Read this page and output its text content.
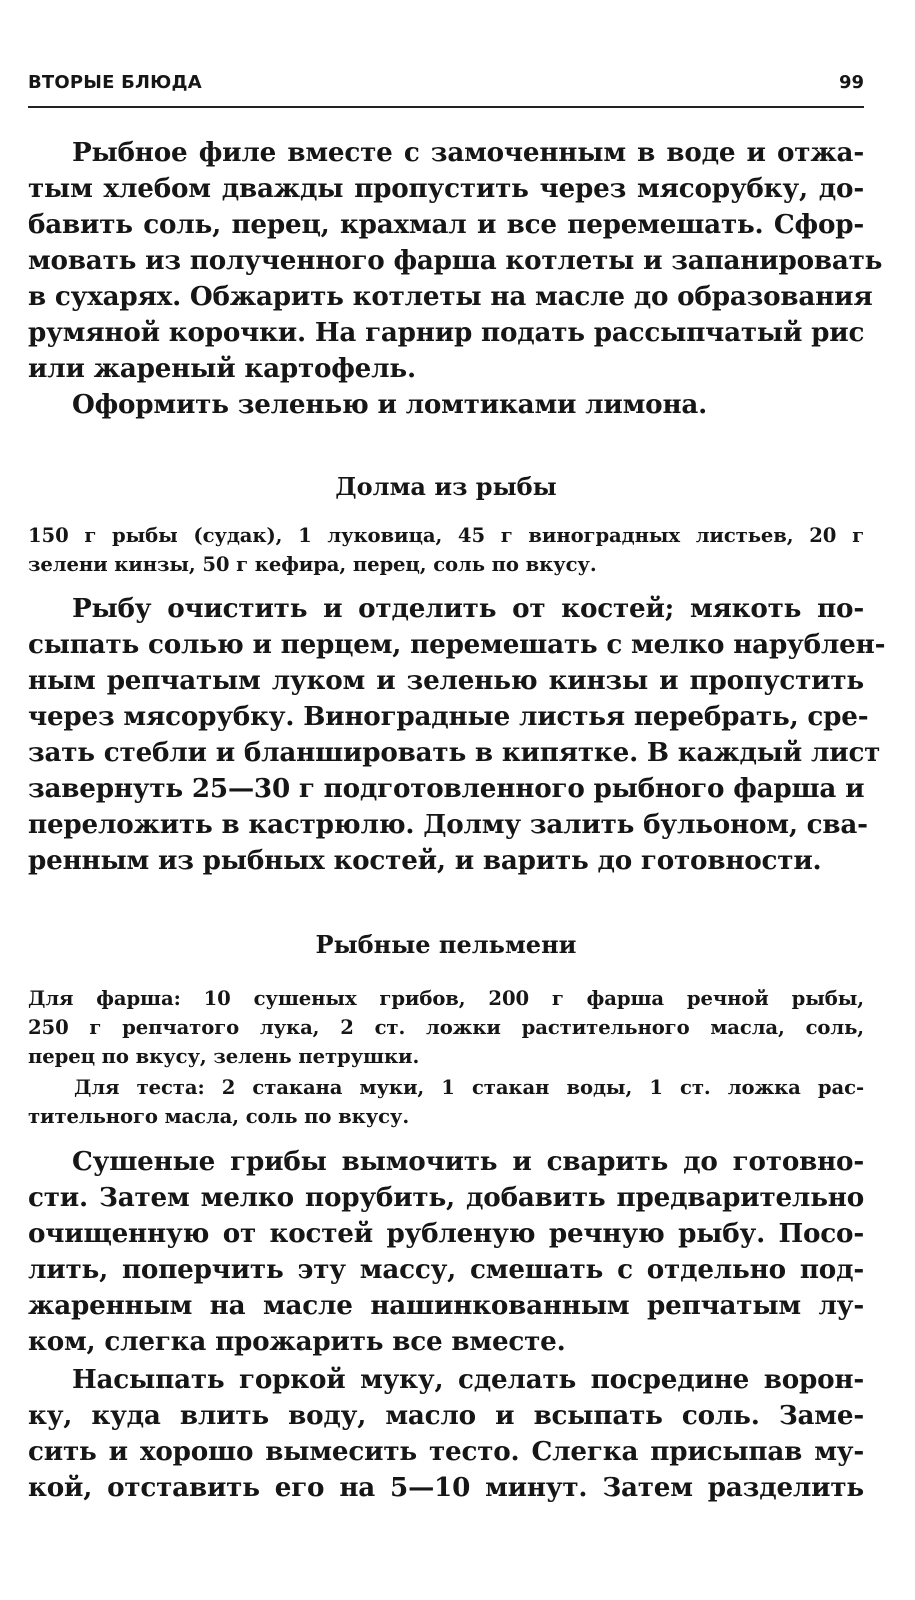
ВТОРЫЕ БЛЮДА	99
Рыбное филе вместе с замоченным в воде и отжа-
тым хлебом дважды пропустить через мясорубку, до-
бавить соль, перец, крахмал и все перемешать. Сфор-
мовать из полученного фарша котлеты и запанировать
в сухарях. Обжарить котлеты на масле до образования
румяной корочки. На гарнир подать рассыпчатый рис
или жареный картофель.
Оформить зеленью и ломтиками лимона.
Долма из рыбы
150 г рыбы (судак), 1 луковица, 45 г виноградных листьев, 20 г
зелени кинзы, 50 г кефира, перец, соль по вкусу.
Рыбу очистить и отделить от костей; мякоть по-
сыпать солью и перцем, перемешать с мелко нарублен-
ным репчатым луком и зеленью кинзы и пропустить
через мясорубку. Виноградные листья перебрать, сре-
зать стебли и бланшировать в кипятке. В каждый лист
завернуть 25—30 г подготовленного рыбного фарша и
переложить в кастрюлю. Долму залить бульоном, сва-
ренным из рыбных костей, и варить до готовности.
Рыбные пельмени
Для фарша: 10 сушеных грибов, 200 г фарша речной рыбы,
250 г репчатого лука, 2 ст. ложки растительного масла, соль,
перец по вкусу, зелень петрушки.
Для теста: 2 стакана муки, 1 стакан воды, 1 ст. ложка рас-
тительного масла, соль по вкусу.
Сушеные грибы вымочить и сварить до готовно-
сти. Затем мелко порубить, добавить предварительно
очищенную от костей рубленую речную рыбу. Посо-
лить, поперчить эту массу, смешать с отдельно под-
жаренным на масле нашинкованным репчатым лу-
ком, слегка прожарить все вместе.
Насыпать горкой муку, сделать посредине ворон-
ку, куда влить воду, масло и всыпать соль. Заме-
сить и хорошо вымесить тесто. Слегка присыпав му-
кой, отставить его на 5—10 минут. Затем разделить
